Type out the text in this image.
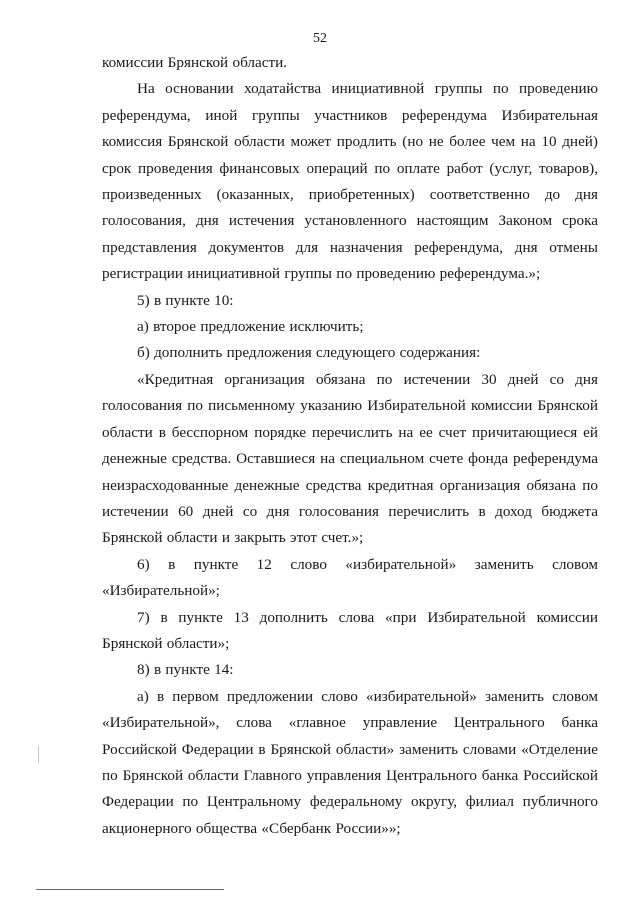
52

комиссии Брянской области.

На основании ходатайства инициативной группы по проведению референдума, иной группы участников референдума Избирательная комиссия Брянской области может продлить (но не более чем на 10 дней) срок проведения финансовых операций по оплате работ (услуг, товаров), произведенных (оказанных, приобретенных) соответственно до дня голосования, дня истечения установленного настоящим Законом срока представления документов для назначения референдума, дня отмены регистрации инициативной группы по проведению референдума.»;

5) в пункте 10:

а) второе предложение исключить;

б) дополнить предложения следующего содержания:

«Кредитная организация обязана по истечении 30 дней со дня голосования по письменному указанию Избирательной комиссии Брянской области в бесспорном порядке перечислить на ее счет причитающиеся ей денежные средства. Оставшиеся на специальном счете фонда референдума неизрасходованные денежные средства кредитная организация обязана по истечении 60 дней со дня голосования перечислить в доход бюджета Брянской области и закрыть этот счет.»;

6) в пункте 12 слово «избирательной» заменить словом «Избирательной»;

7) в пункте 13 дополнить слова «при Избирательной комиссии Брянской области»;

8) в пункте 14:

а) в первом предложении слово «избирательной» заменить словом «Избирательной», слова «главное управление Центрального банка Российской Федерации в Брянской области» заменить словами «Отделение по Брянской области Главного управления Центрального банка Российской Федерации по Центральному федеральному округу, филиал публичного акционерного общества «Сбербанк России»»;
